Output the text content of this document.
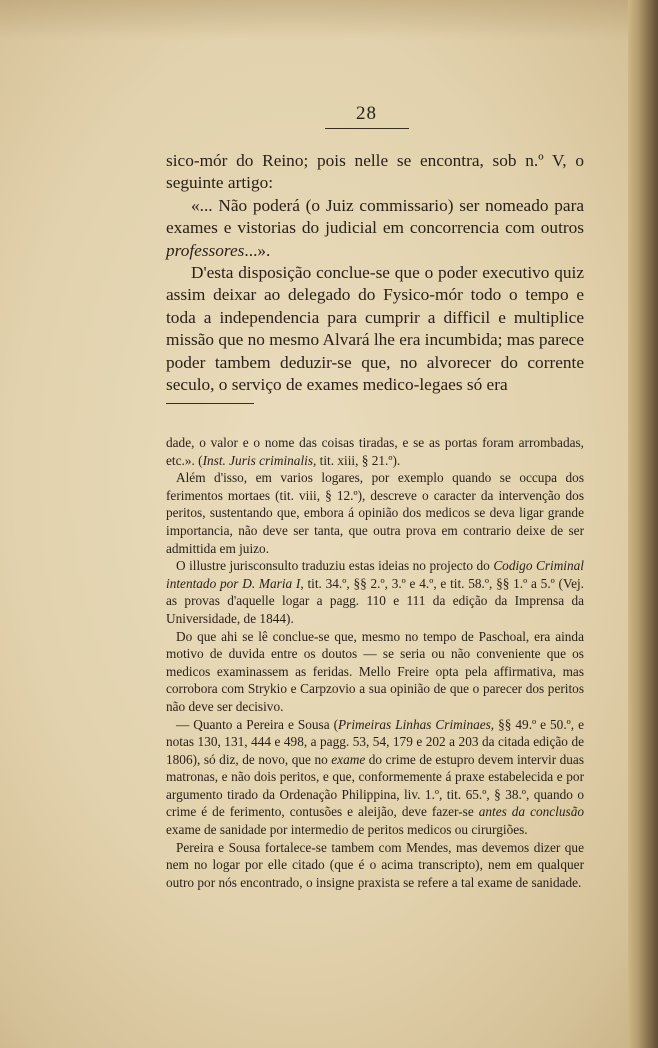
28

sico-mór do Reino; pois nelle se encontra, sob n.º V, o seguinte artigo:

«... Não poderá (o Juiz commissario) ser nomeado para exames e vistorias do judicial em concorrencia com outros professores...».

D'esta disposição conclue-se que o poder executivo quiz assim deixar ao delegado do Fysico-mór todo o tempo e toda a independencia para cumprir a difficil e multiplice missão que no mesmo Alvará lhe era incumbida; mas parece poder tambem deduzir-se que, no alvorecer do corrente seculo, o serviço de exames medico-legaes só era

dade, o valor e o nome das coisas tiradas, e se as portas foram arrombadas, etc.». (Inst. Juris criminalis, tit. xiii, § 21.º).

Além d'isso, em varios logares, por exemplo quando se occupa dos ferimentos mortaes (tit. viii, § 12.º), descreve o caracter da intervenção dos peritos, sustentando que, embora á opinião dos medicos se deva ligar grande importancia, não deve ser tanta, que outra prova em contrario deixe de ser admittida em juizo.

O illustre jurisconsulto traduziu estas ideias no projecto do Codigo Criminal intentado por D. Maria I, tit. 34.º, §§ 2.º, 3.º e 4.º, e tit. 58.º, §§ 1.º a 5.º (Vej. as provas d'aquelle logar a pagg. 110 e 111 da edição da Imprensa da Universidade, de 1844).

Do que ahi se lê conclue-se que, mesmo no tempo de Paschoal, era ainda motivo de duvida entre os doutos — se seria ou não conveniente que os medicos examinassem as feridas. Mello Freire opta pela affirmativa, mas corrobora com Strykio e Carpzovio a sua opinião de que o parecer dos peritos não deve ser decisivo.

— Quanto a Pereira e Sousa (Primeiras Linhas Criminaes, §§ 49.º e 50.º, e notas 130, 131, 444 e 498, a pagg. 53, 54, 179 e 202 a 203 da citada edição de 1806), só diz, de novo, que no exame do crime de estupro devem intervir duas matronas, e não dois peritos, e que, conformemente á praxe estabelecida e por argumento tirado da Ordenação Philippina, liv. 1.º, tit. 65.º, § 38.º, quando o crime é de ferimento, contusões e aleijão, deve fazer-se antes da conclusão exame de sanidade por intermedio de peritos medicos ou cirurgiões.

Pereira e Sousa fortalece-se tambem com Mendes, mas devemos dizer que nem no logar por elle citado (que é o acima transcripto), nem em qualquer outro por nós encontrado, o insigne praxista se refere a tal exame de sanidade.
